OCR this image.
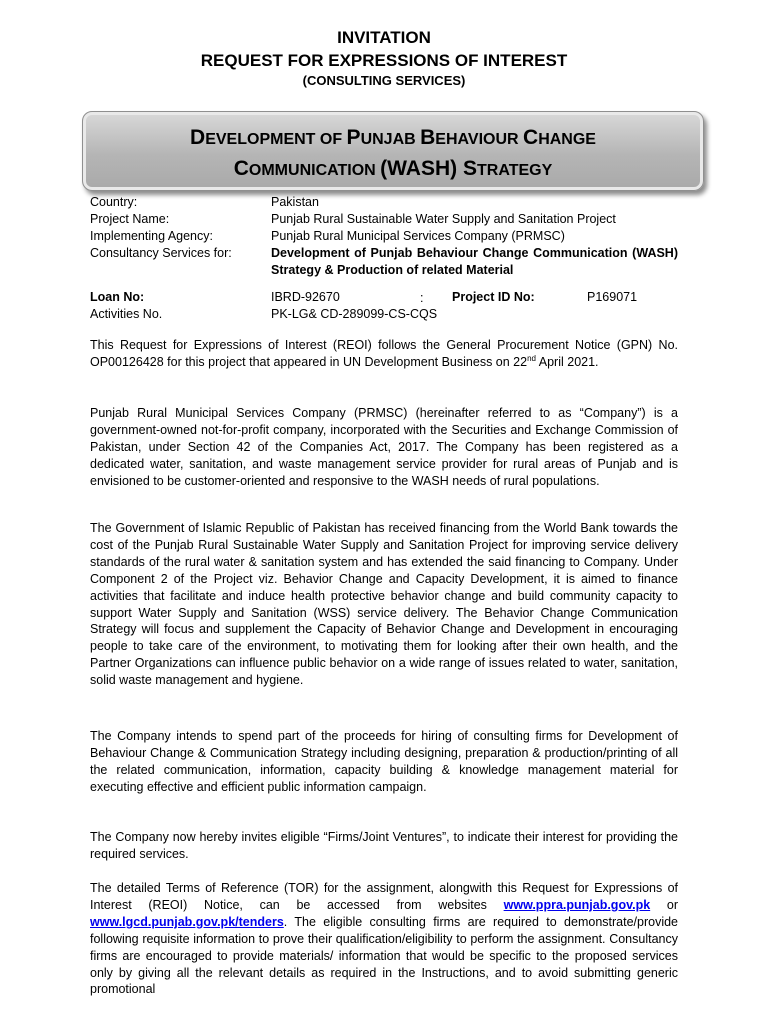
INVITATION
REQUEST FOR EXPRESSIONS OF INTEREST
(CONSULTING SERVICES)
DEVELOPMENT OF PUNJAB BEHAVIOUR CHANGE
COMMUNICATION (WASH) STRATEGY
Country:	Pakistan
Project Name:	Punjab Rural Sustainable Water Supply and Sanitation Project
Implementing Agency:	Punjab Rural Municipal Services Company (PRMSC)
Consultancy Services for:	Development of Punjab Behaviour Change Communication (WASH) Strategy & Production of related Material
Loan No:	IBRD-92670	: Project ID No:	P169071
Activities No.	PK-LG& CD-289099-CS-CQS
This Request for Expressions of Interest (REOI) follows the General Procurement Notice (GPN) No. OP00126428 for this project that appeared in UN Development Business on 22nd April 2021.
Punjab Rural Municipal Services Company (PRMSC) (hereinafter referred to as “Company”) is a government-owned not-for-profit company, incorporated with the Securities and Exchange Commission of Pakistan, under Section 42 of the Companies Act, 2017. The Company has been registered as a dedicated water, sanitation, and waste management service provider for rural areas of Punjab and is envisioned to be customer-oriented and responsive to the WASH needs of rural populations.
The Government of Islamic Republic of Pakistan has received financing from the World Bank towards the cost of the Punjab Rural Sustainable Water Supply and Sanitation Project for improving service delivery standards of the rural water & sanitation system and has extended the said financing to Company. Under Component 2 of the Project viz. Behavior Change and Capacity Development, it is aimed to finance activities that facilitate and induce health protective behavior change and build community capacity to support Water Supply and Sanitation (WSS) service delivery. The Behavior Change Communication Strategy will focus and supplement the Capacity of Behavior Change and Development in encouraging people to take care of the environment, to motivating them for looking after their own health, and the Partner Organizations can influence public behavior on a wide range of issues related to water, sanitation, solid waste management and hygiene.
The Company intends to spend part of the proceeds for hiring of consulting firms for Development of Behaviour Change & Communication Strategy including designing, preparation & production/printing of all the related communication, information, capacity building & knowledge management material for executing effective and efficient public information campaign.
The Company now hereby invites eligible “Firms/Joint Ventures”, to indicate their interest for providing the required services.
The detailed Terms of Reference (TOR) for the assignment, alongwith this Request for Expressions of Interest (REOI) Notice, can be accessed from websites www.ppra.punjab.gov.pk or www.lgcd.punjab.gov.pk/tenders. The eligible consulting firms are required to demonstrate/provide following requisite information to prove their qualification/eligibility to perform the assignment. Consultancy firms are encouraged to provide materials/ information that would be specific to the proposed services only by giving all the relevant details as required in the Instructions, and to avoid submitting generic promotional
